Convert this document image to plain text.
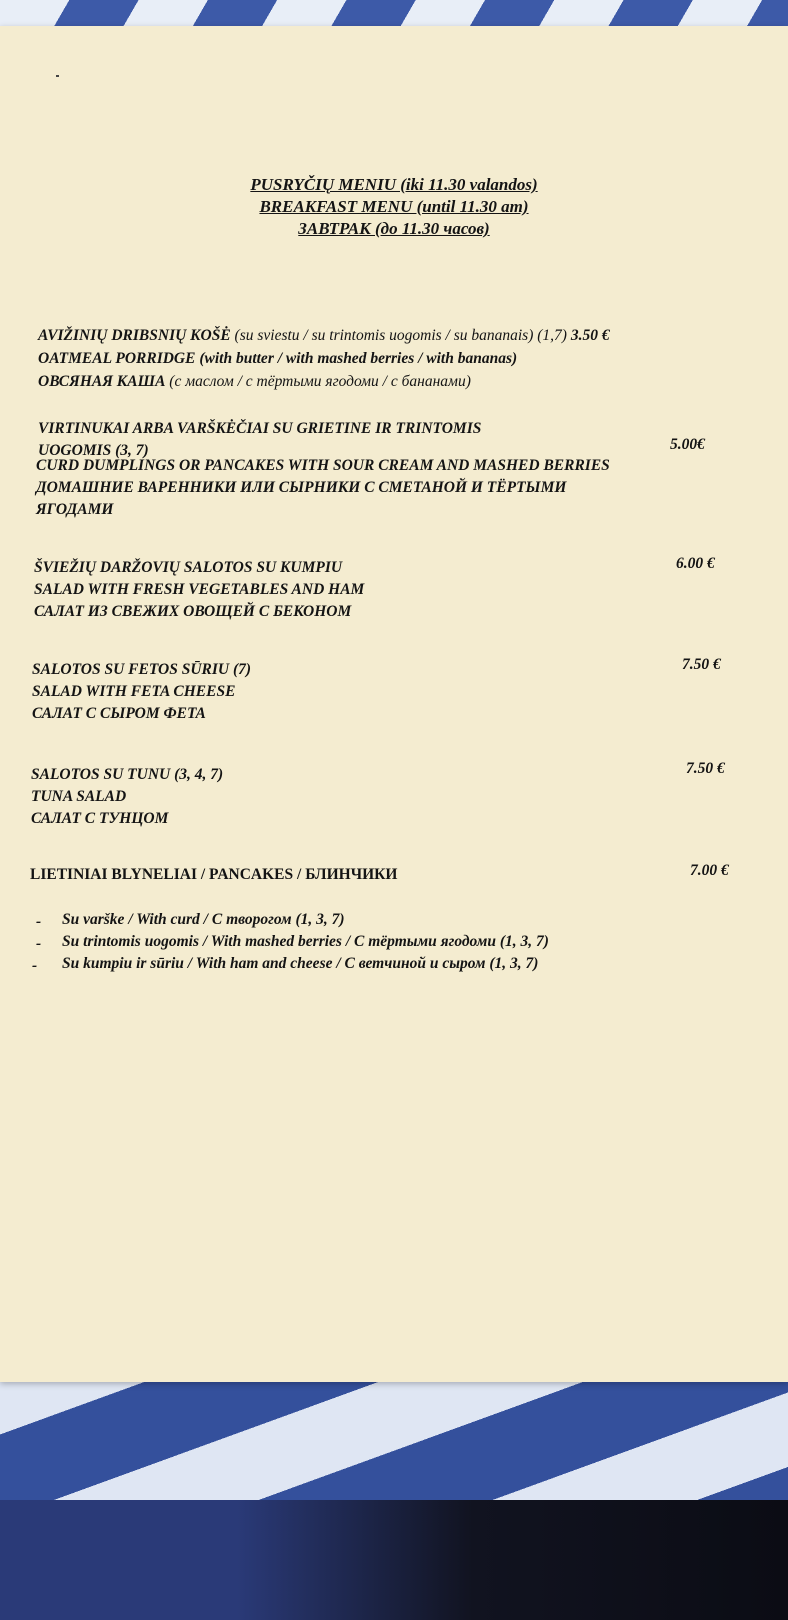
PUSRYČIŲ MENIU (iki 11.30 valandos)
BREAKFAST MENU (until 11.30 am)
ЗАВТРАК (до 11.30 часов)
AVIŽINIŲ DRIBSNIŲ KOŠĖ (su sviestu / su trintomis uogomis / su bananais) (1,7) 3.50 €
OATMEAL PORRIDGE (with butter / with mashed berries / with bananas)
ОВСЯНАЯ КАША (с маслом / с тёртыми ягодоми / с бананами)
VIRTINUKAI ARBA VARŠKĖČIAI SU GRIETINE IR TRINTOMIS
UOGOMIS (3, 7)	5.00€
CURD DUMPLINGS OR PANCAKES WITH SOUR CREAM AND MASHED BERRIES
ДОМАШНИЕ ВАРЕННИКИ ИЛИ СЫРНИКИ С СМЕТАНОЙ И ТЁРТЫМИ
ЯГОДАМИ
ŠVIEŽIŲ DARŽOVIŲ SALOTOS SU KUMPIU	6.00 €
SALAD WITH FRESH VEGETABLES AND HAM
САЛАТ ИЗ СВЕЖИХ ОВОЩЕЙ С БЕКОНОМ
SALOTOS SU FETOS SŪRIU (7)	7.50 €
SALAD WITH FETA CHEESE
САЛАТ С СЫРОМ ФЕТА
SALOTOS SU TUNU (3, 4, 7)	7.50 €
TUNA SALAD
САЛАТ С ТУНЦОМ
LIETINIAI BLYNELIAI / PANCAKES / БЛИНЧИКИ	7.00 €
- Su varške / With curd / С творогом (1, 3, 7)
- Su trintomis uogomis / With mashed berries / С тёртыми ягодоми (1, 3, 7)
- Su kumpiu ir sūriu / With ham and cheese / С ветчиной и сыром (1, 3, 7)
